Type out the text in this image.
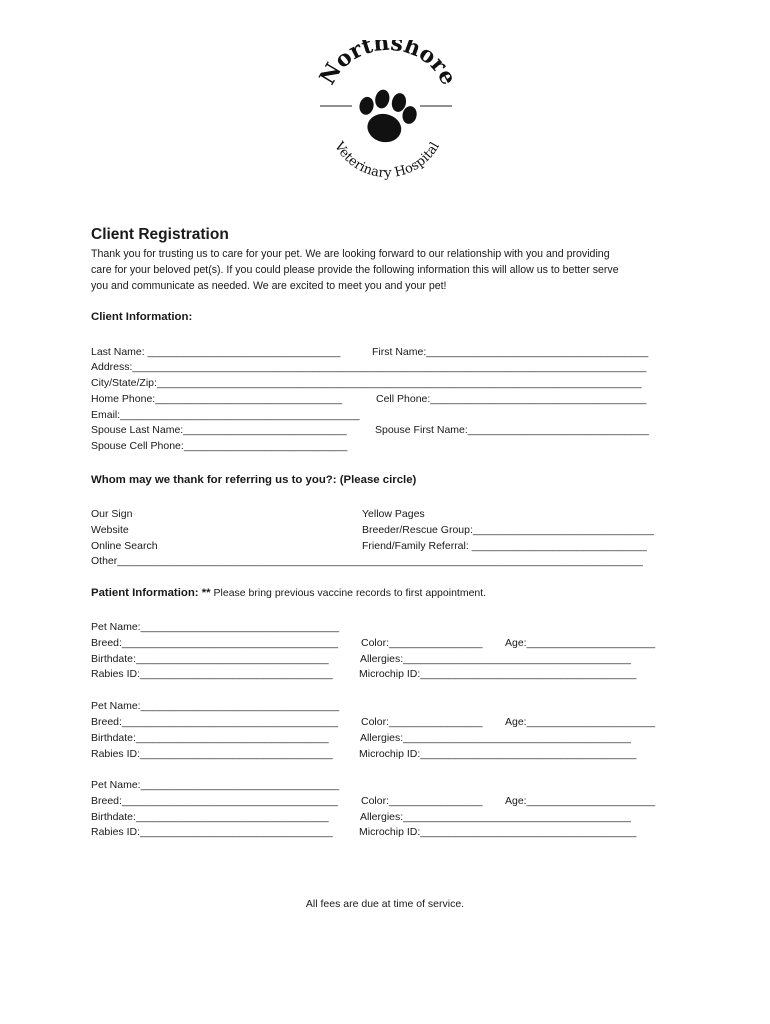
Northshore
Veterinary Hospital
Client Registration
Thank you for trusting us to care for your pet. We are looking forward to our relationship with you and providing
care for your beloved pet(s). If you could please provide the following information this will allow us to better serve
you and communicate as needed. We are excited to meet you and your pet!
Client Information:
Last Name: _________________________________	First Name:______________________________________
Address:________________________________________________________________________________________
City/State/Zip:___________________________________________________________________________________
Home Phone:________________________________	Cell Phone:_____________________________________
Email:_________________________________________
Spouse Last Name:____________________________	Spouse First Name:_______________________________
Spouse Cell Phone:____________________________
Whom may we thank for referring us to you?: (Please circle)
Our Sign	Yellow Pages
Website	Breeder/Rescue Group:_______________________________
Online Search	Friend/Family Referral: ______________________________
Other__________________________________________________________________________________________
Patient Information: ** Please bring previous vaccine records to first appointment.
Pet Name:__________________________________
Breed:_____________________________________ Color:________________ Age:______________________
Birthdate:_________________________________	Allergies:_______________________________________
Rabies ID:_________________________________	Microchip ID:_____________________________________
Pet Name:__________________________________
Breed:_____________________________________ Color:________________ Age:______________________
Birthdate:_________________________________	Allergies:_______________________________________
Rabies ID:_________________________________	Microchip ID:_____________________________________
Pet Name:__________________________________
Breed:_____________________________________ Color:________________ Age:______________________
Birthdate:_________________________________	Allergies:_______________________________________
Rabies ID:_________________________________	Microchip ID:_____________________________________
All fees are due at time of service.
